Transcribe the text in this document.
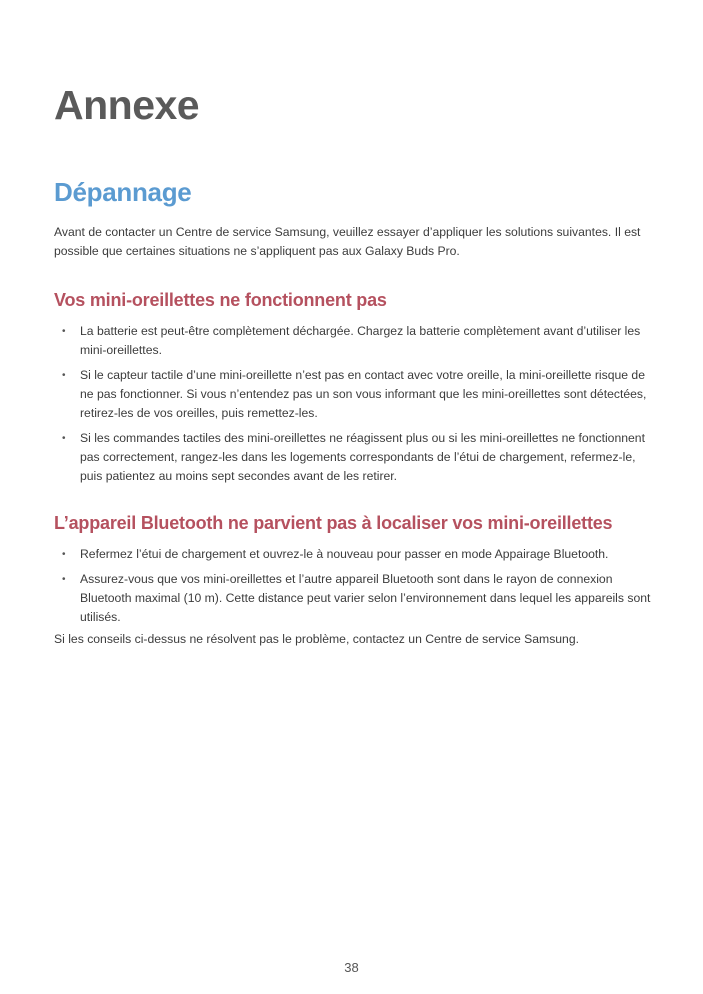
Annexe
Dépannage

Avant de contacter un Centre de service Samsung, veuillez essayer d’appliquer les solutions suivantes. Il est possible que certaines situations ne s’appliquent pas aux Galaxy Buds Pro.

Vos mini-oreillettes ne fonctionnent pas
• La batterie est peut-être complètement déchargée. Chargez la batterie complètement avant d’utiliser les mini-oreillettes.
• Si le capteur tactile d’une mini-oreillette n’est pas en contact avec votre oreille, la mini-oreillette risque de ne pas fonctionner. Si vous n’entendez pas un son vous informant que les mini-oreillettes sont détectées, retirez-les de vos oreilles, puis remettez-les.
• Si les commandes tactiles des mini-oreillettes ne réagissent plus ou si les mini-oreillettes ne fonctionnent pas correctement, rangez-les dans les logements correspondants de l’étui de chargement, refermez-le, puis patientez au moins sept secondes avant de les retirer.
L’appareil Bluetooth ne parvient pas à localiser vos mini-oreillettes
• Refermez l’étui de chargement et ouvrez-le à nouveau pour passer en mode Appairage Bluetooth.
• Assurez-vous que vos mini-oreillettes et l’autre appareil Bluetooth sont dans le rayon de connexion Bluetooth maximal (10 m). Cette distance peut varier selon l’environnement dans lequel les appareils sont utilisés.

Si les conseils ci-dessus ne résolvent pas le problème, contactez un Centre de service Samsung.

38
